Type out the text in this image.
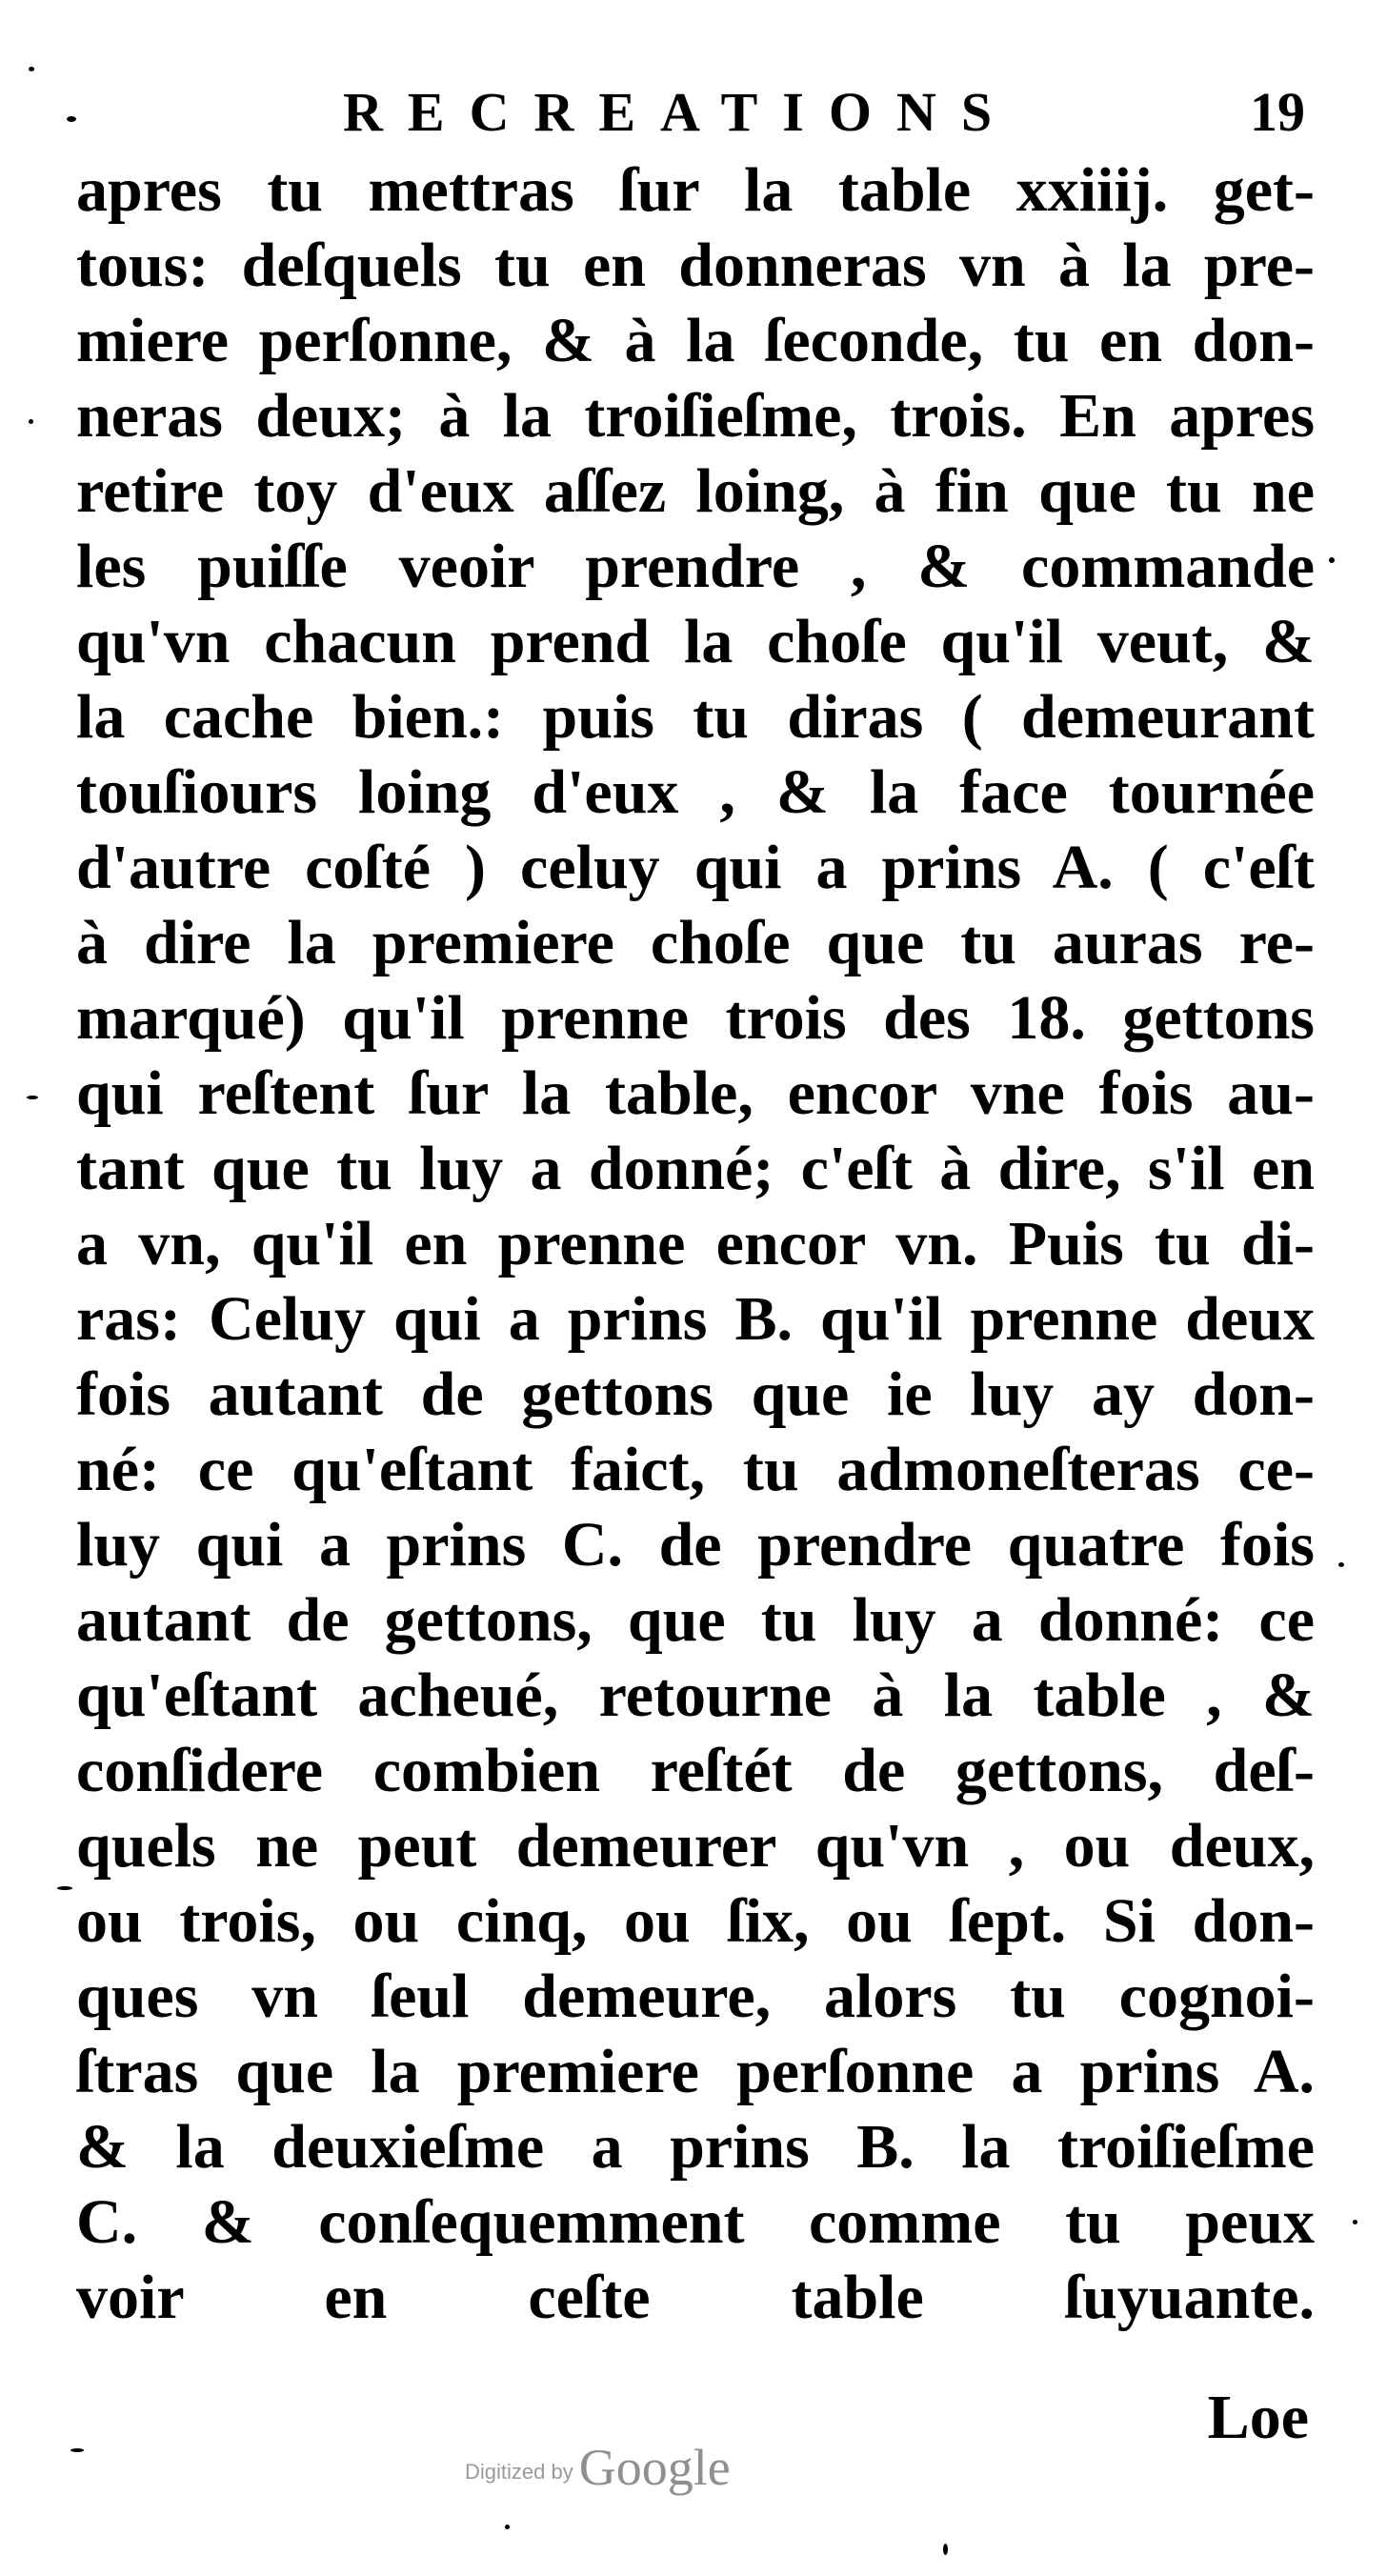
RECREATIONS	19
apres tu mettras ſur la table xxiiij. get-
tous: deſquels tu en donneras vn à la pre-
miere perſonne, & à la ſeconde, tu en don-
neras deux; à la troiſieſme, trois. En apres
retire toy d'eux aſſez loing, à fin que tu ne
les puiſſe veoir prendre , & commande
qu'vn chacun prend la choſe qu'il veut, &
la cache bien.: puis tu diras ( demeurant
touſiours loing d'eux , & la face tournée
d'autre coſté ) celuy qui a prins A. ( c'eſt
à dire la premiere choſe que tu auras re-
marqué) qu'il prenne trois des 18. gettons
qui reſtent ſur la table, encor vne fois au-
tant que tu luy a donné; c'eſt à dire, s'il en
a vn, qu'il en prenne encor vn. Puis tu di-
ras: Celuy qui a prins B. qu'il prenne deux
fois autant de gettons que ie luy ay don-
né: ce qu'eſtant faict, tu admoneſteras ce-
luy qui a prins C. de prendre quatre fois
autant de gettons, que tu luy a donné: ce
qu'eſtant acheué, retourne à la table , &
conſidere combien reſtét de gettons, deſ-
quels ne peut demeurer qu'vn , ou deux,
ou trois, ou cinq, ou ſix, ou ſept. Si don-
ques vn ſeul demeure, alors tu cognoi-
ſtras que la premiere perſonne a prins A.
& la deuxieſme a prins B. la troiſieſme
C. & conſequemment comme tu peux
voir en ceſte table ſuyuante.
Loe
Digitized by Google
